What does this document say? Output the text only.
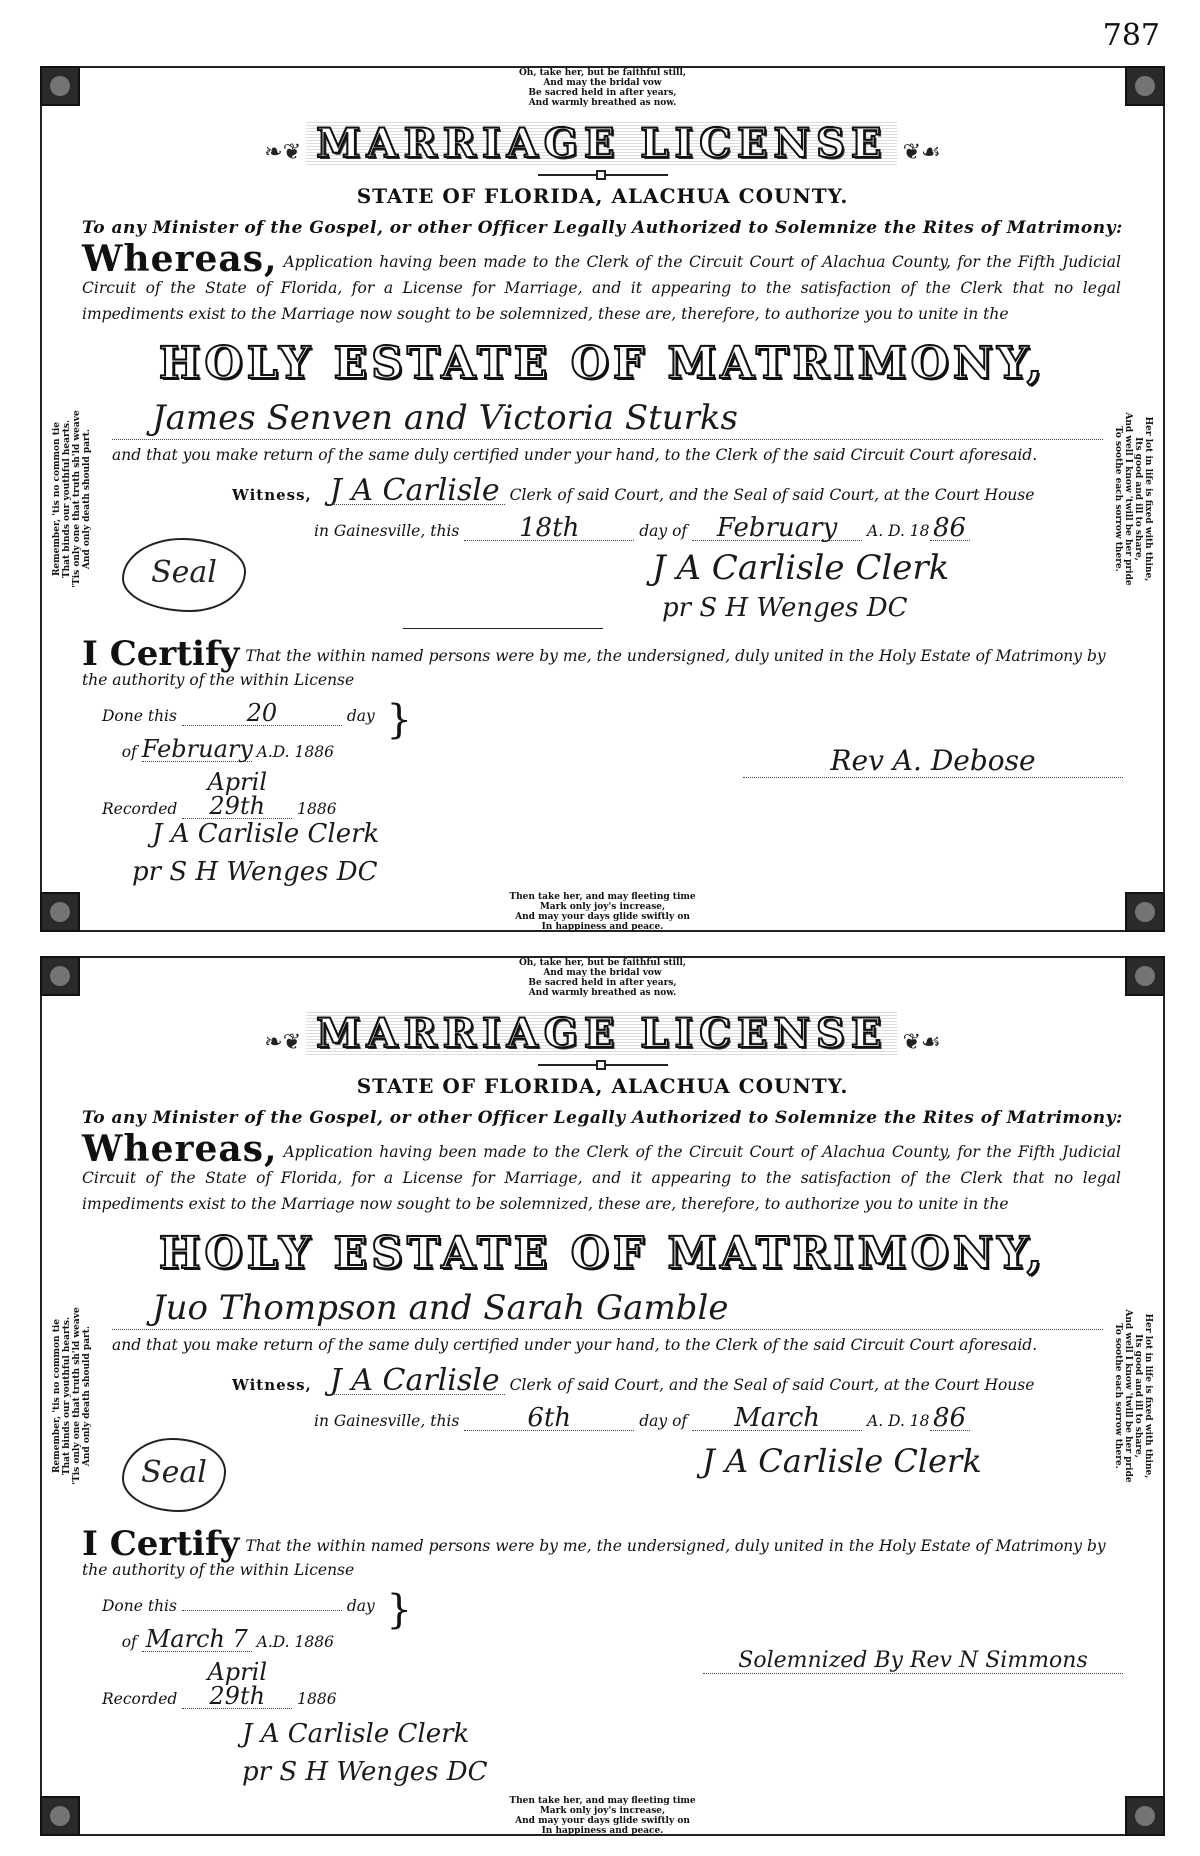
787
Oh, take her, but be faithful still,
And may the bridal vow
Be sacred held in after years,
And warmly breathed as now.
Remember, 'tis no common tie That binds our youthful hearts. 'Tis only one that truth sh'ld weave And only death should part.	Her lot in life is fixed with thine,
Its good and ill to share,
And well I know 'twill be her pride
To soothe each sorrow there.
❧❦ MARRIAGE LICENSE ❦☙
STATE OF FLORIDA, ALACHUA COUNTY.
To any Minister of the Gospel, or other Officer Legally Authorized to Solemnize the Rites of Matrimony:
Whereas, Application having been made to the Clerk of the Circuit Court of Alachua County, for the Fifth Judicial Circuit of the State of Florida, for a License for Marriage, and it appearing to the satisfaction of the Clerk that no legal impediments exist to the Marriage now sought to be solemnized, these are, therefore, to authorize you to unite in the
HOLY ESTATE OF MATRIMONY,
James Senven and Victoria Sturks
and that you make return of the same duly certified under your hand, to the Clerk of the said Circuit Court aforesaid.
Witness, J A Carlisle Clerk of said Court, and the Seal of said Court, at the Court House
in Gainesville, this 18th	day of February A. D. 18 86
Seal	J A Carlisle Clerk
pr S H Wenges DC
I Certify That the within named persons were by me, the undersigned, duly united in the Holy Estate of Matrimony by the authority of the within License
Done this	20	day
of February A.D. 1886
Recorded April 29th 1886
}
Rev A. Debose
J A Carlisle Clerk
pr S H Wenges DC
Then take her, and may fleeting time
Mark only joy's increase,
And may your days glide swiftly on
In happiness and peace.
Oh, take her, but be faithful still,
And may the bridal vow
Be sacred held in after years,
And warmly breathed as now.
Remember, 'tis no common tie That binds our youthful hearts. 'Tis only one that truth sh'ld weave And only death should part.	Her lot in life is fixed with thine,
Its good and ill to share,
And well I know 'twill be her pride
To soothe each sorrow there.
❧❦ MARRIAGE LICENSE ❦☙
STATE OF FLORIDA, ALACHUA COUNTY.
To any Minister of the Gospel, or other Officer Legally Authorized to Solemnize the Rites of Matrimony:
Whereas, Application having been made to the Clerk of the Circuit Court of Alachua County, for the Fifth Judicial Circuit of the State of Florida, for a License for Marriage, and it appearing to the satisfaction of the Clerk that no legal impediments exist to the Marriage now sought to be solemnized, these are, therefore, to authorize you to unite in the
HOLY ESTATE OF MATRIMONY,
Juo Thompson and Sarah Gamble
and that you make return of the same duly certified under your hand, to the Clerk of the said Circuit Court aforesaid.
Witness, J A Carlisle Clerk of said Court, and the Seal of said Court, at the Court House
in Gainesville, this	6th	day of March	A. D. 18 86
Seal	J A Carlisle Clerk
I Certify That the within named persons were by me, the undersigned, duly united in the Holy Estate of Matrimony by the authority of the within License
Done this	day
of March 7 A.D. 1886
Recorded April 29th 1886
}
Solemnized By Rev N Simmons
J A Carlisle Clerk
pr S H Wenges DC
Then take her, and may fleeting time
Mark only joy's increase,
And may your days glide swiftly on
In happiness and peace.
